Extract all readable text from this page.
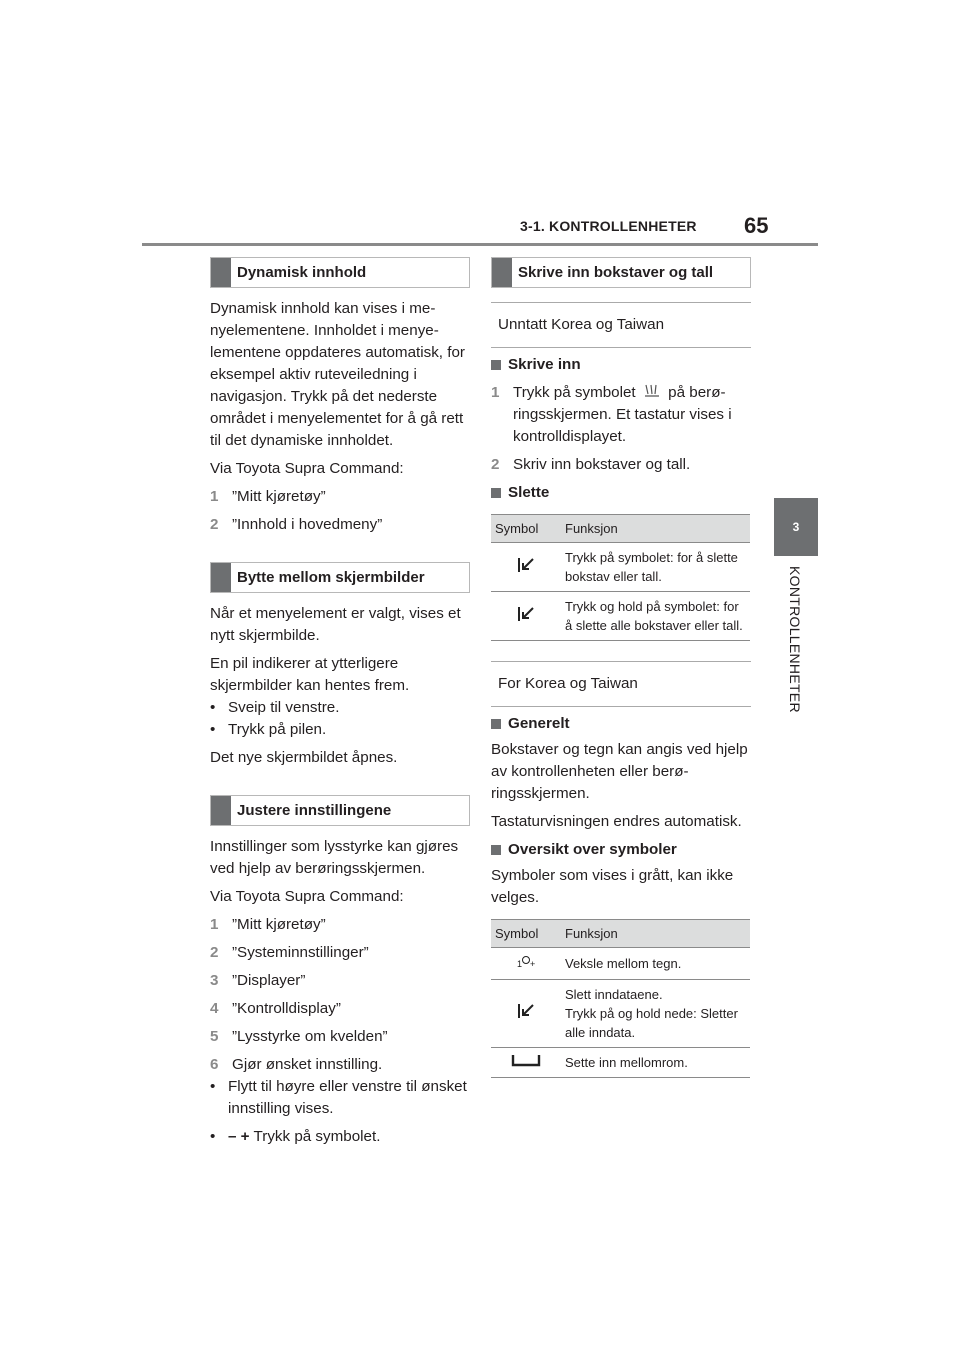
3-1. KONTROLLENHETER 65
3
KONTROLLENHETER
Dynamisk innhold

Dynamisk innhold kan vises i menyelementene. Innholdet i menyelementene oppdateres automatisk, for eksempel aktiv ruteveiledning i navigasjon. Trykk på det nederste området i menyelementet for å gå rett til det dynamiske innholdet.

Via Toyota Supra Command:

1 ”Mitt kjøretøy”
2 ”Innhold i hovedmeny”
Bytte mellom skjermbilder

Når et menyelement er valgt, vises et nytt skjermbilde.

En pil indikerer at ytterligere skjermbilder kan hentes frem.

• Sveip til venstre.
• Trykk på pilen.

Det nye skjermbildet åpnes.

Justere innstillingene

Innstillinger som lysstyrke kan gjøres ved hjelp av berøringsskjermen.

Via Toyota Supra Command:

1 ”Mitt kjøretøy”
2 ”Systeminnstillinger”
3 ”Displayer”
4 ”Kontrolldisplay”
5 ”Lysstyrke om kvelden”
6 Gjør ønsket innstilling.
• Flytt til høyre eller venstre til ønsket innstilling vises.
• – + Trykk på symbolet.
Skrive inn bokstaver og tall
Unntatt Korea og Taiwan
Skrive inn
1 Trykk på symbolet på berøringsskjermen. Et tastatur vises i kontrolldisplayet.
2 Skriv inn bokstaver og tall.
Slette
Symbol	Funksjon
	Trykk på symbolet: for å slette bokstav eller tall.
	Trykk og hold på symbolet: for å slette alle bokstaver eller tall.
For Korea og Taiwan
Generelt

Bokstaver og tegn kan angis ved hjelp av kontrollenheten eller berøringsskjermen.

Tastaturvisningen endres automatisk.

Oversikt over symboler

Symboler som vises i grått, kan ikke velges.

Symbol	Funksjon

1 +	Veksle mellom tegn.
	Slett inndataene.
Trykk på og hold nede: Sletter alle inndata.
	Sette inn mellomrom.
